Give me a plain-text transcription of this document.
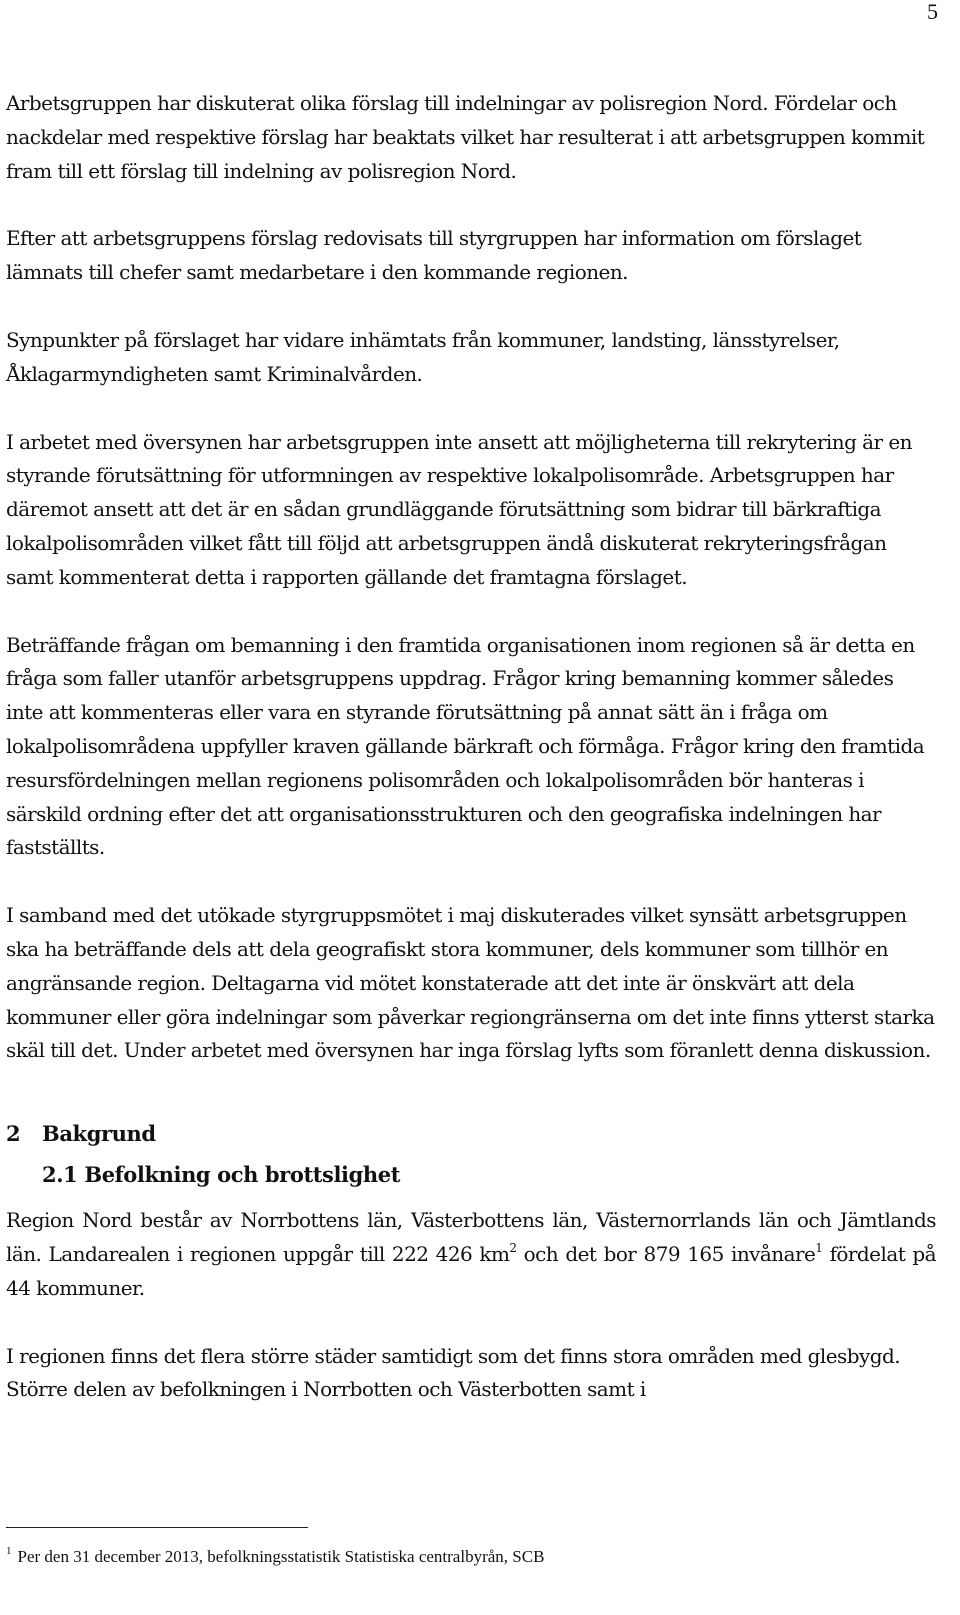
5

Arbetsgruppen har diskuterat olika förslag till indelningar av polisregion Nord. Fördelar och nackdelar med respektive förslag har beaktats vilket har resulterat i att arbetsgruppen kommit fram till ett förslag till indelning av polisregion Nord.

Efter att arbetsgruppens förslag redovisats till styrgruppen har information om förslaget lämnats till chefer samt medarbetare i den kommande regionen.

Synpunkter på förslaget har vidare inhämtats från kommuner, landsting, länsstyrelser, Åklagarmyndigheten samt Kriminalvården.

I arbetet med översynen har arbetsgruppen inte ansett att möjligheterna till rekrytering är en styrande förutsättning för utformningen av respektive lokalpolisområde. Arbetsgruppen har däremot ansett att det är en sådan grundläggande förutsättning som bidrar till bärkraftiga lokalpolisområden vilket fått till följd att arbetsgruppen ändå diskuterat rekryteringsfrågan samt kommenterat detta i rapporten gällande det framtagna förslaget.

Beträffande frågan om bemanning i den framtida organisationen inom regionen så är detta en fråga som faller utanför arbetsgruppens uppdrag. Frågor kring bemanning kommer således inte att kommenteras eller vara en styrande förutsättning på annat sätt än i fråga om lokalpolisområdena uppfyller kraven gällande bärkraft och förmåga. Frågor kring den framtida resursfördelningen mellan regionens polisområden och lokalpolisområden bör hanteras i särskild ordning efter det att organisationsstrukturen och den geografiska indelningen har fastställts.

I samband med det utökade styrgruppsmötet i maj diskuterades vilket synsätt arbetsgruppen ska ha beträffande dels att dela geografiskt stora kommuner, dels kommuner som tillhör en angränsande region. Deltagarna vid mötet konstaterade att det inte är önskvärt att dela kommuner eller göra indelningar som påverkar regiongränserna om det inte finns ytterst starka skäl till det. Under arbetet med översynen har inga förslag lyfts som föranlett denna diskussion.

2	Bakgrund
2.1 Befolkning och brottslighet

Region Nord består av Norrbottens län, Västerbottens län, Västernorrlands län och Jämtlands län. Landarealen i regionen uppgår till 222 426 $km^2$ och det bor 879 165 invånare$^1$ fördelat på 44 kommuner.

I regionen finns det flera större städer samtidigt som det finns stora områden med glesbygd. Större delen av befolkningen i Norrbotten och Västerbotten samt i

$^1$ Per den 31 december 2013, befolkningsstatistik Statistiska centralbyrån, SCB
